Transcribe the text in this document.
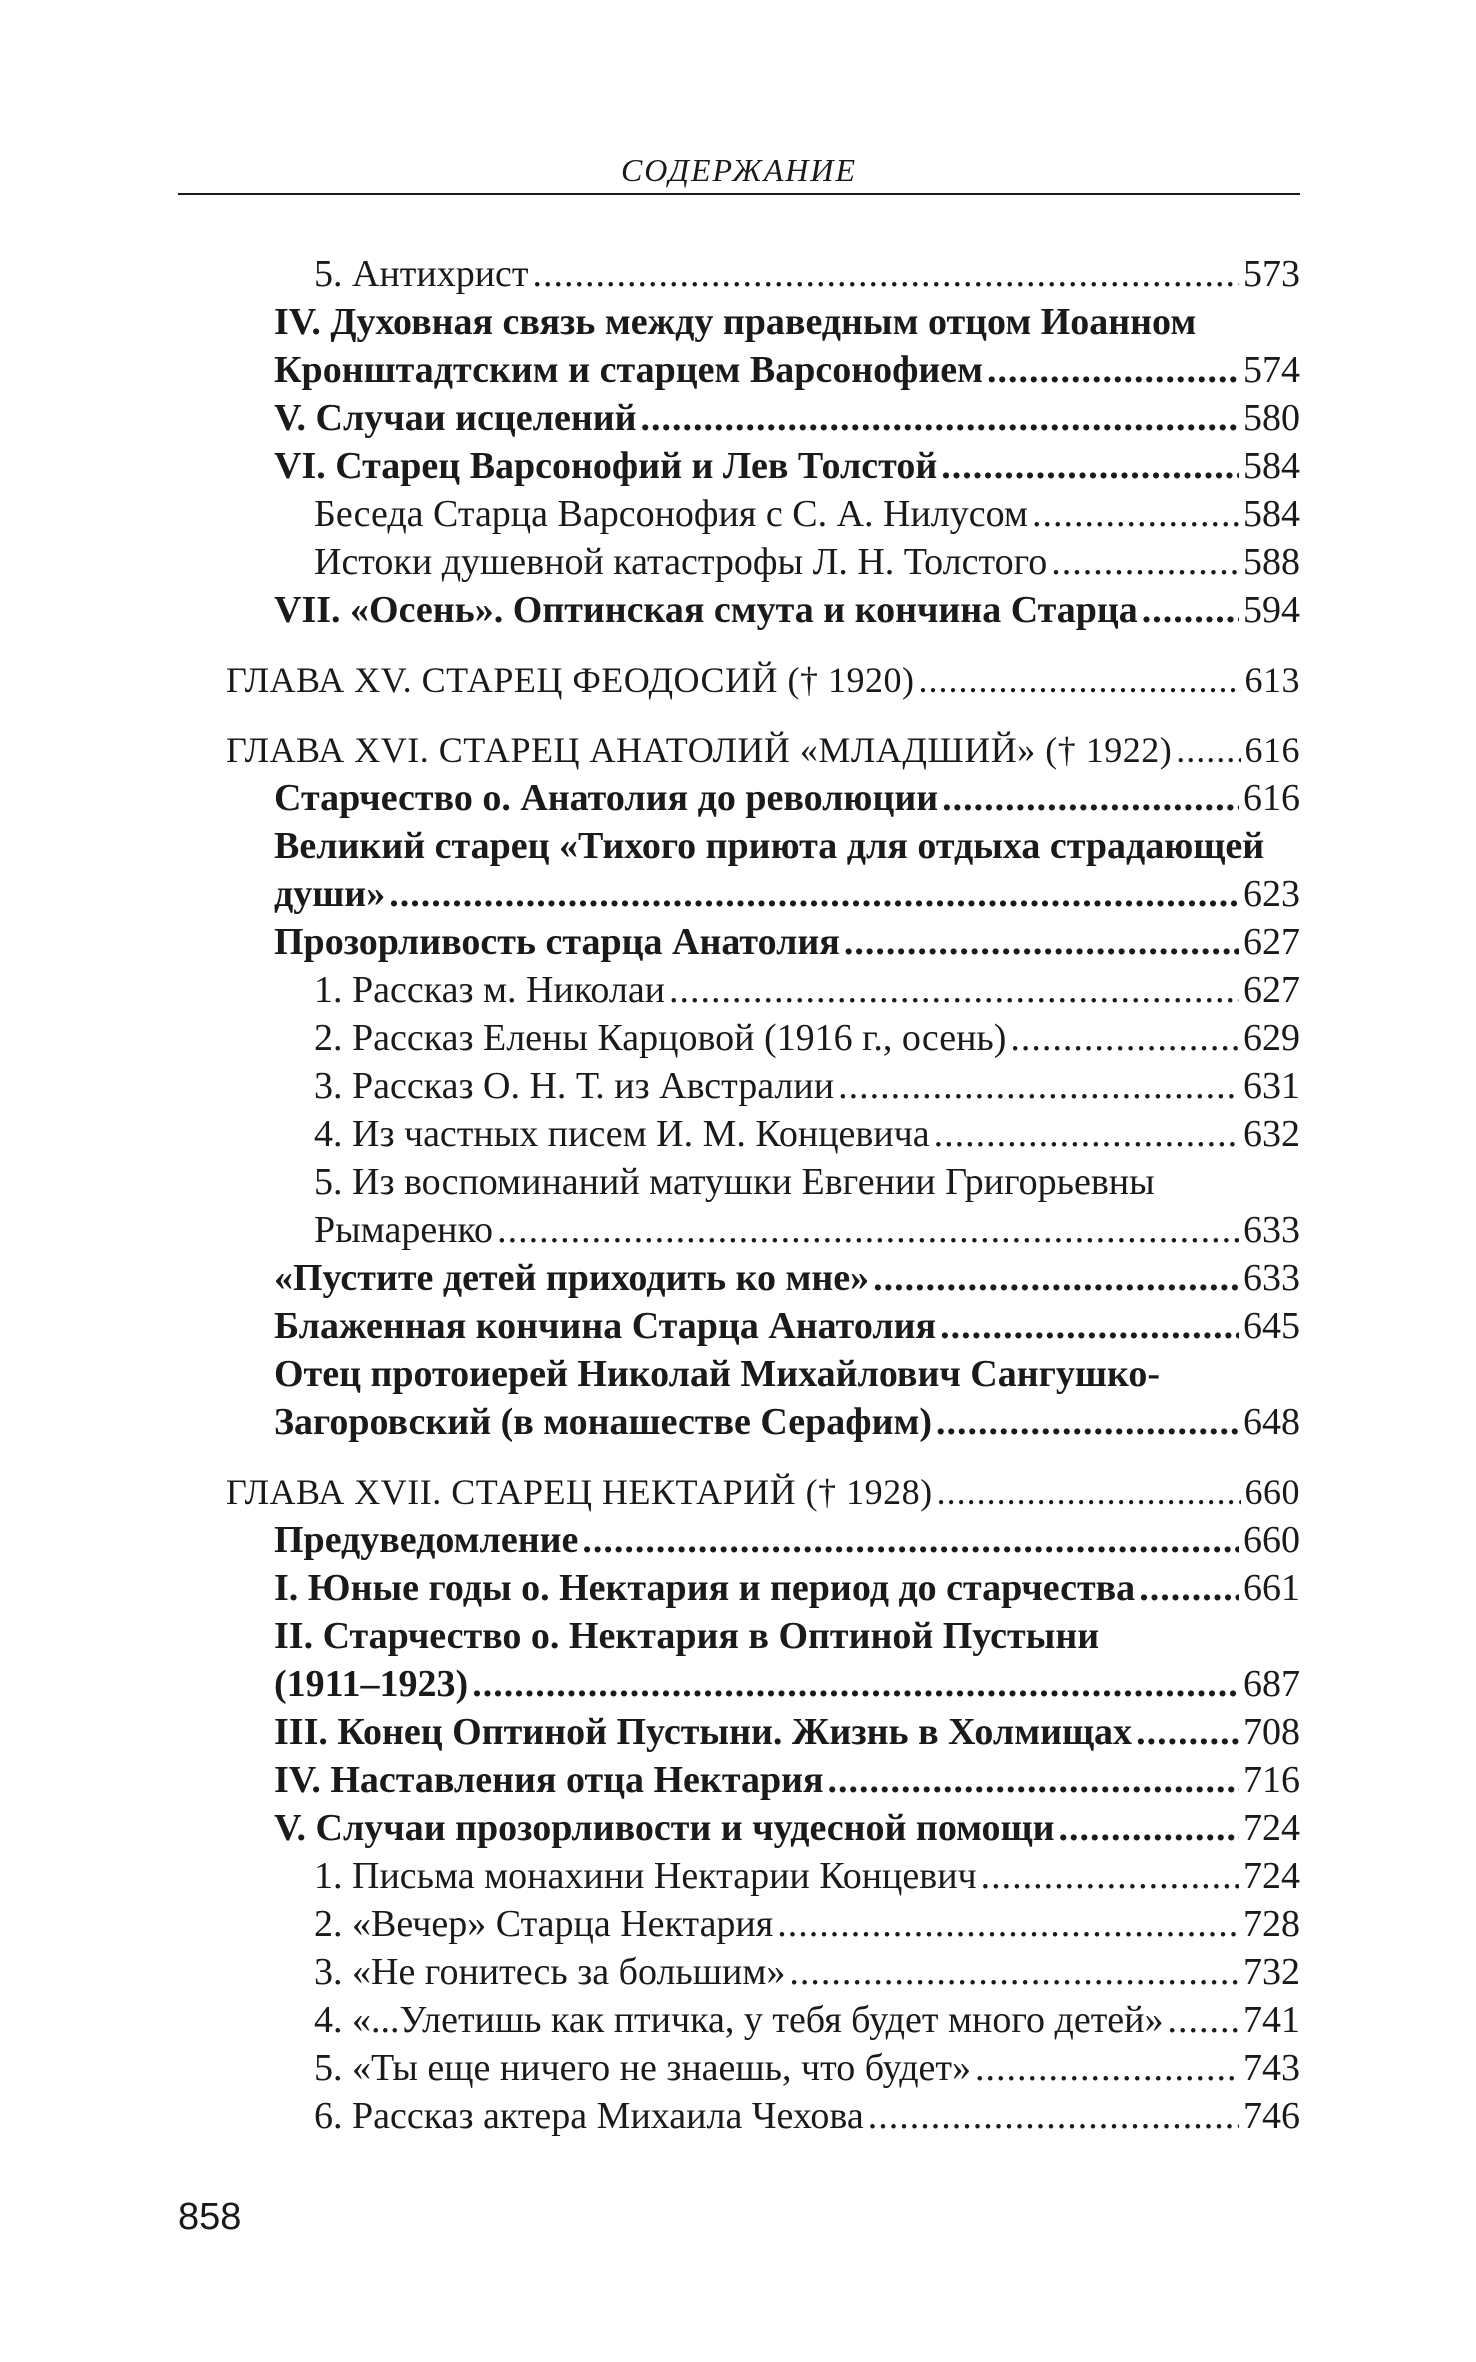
СОДЕРЖАНИЕ
5. Антихрист .....	573
IV. Духовная связь между праведным отцом Иоанном
Кронштадтским и старцем Варсонофием .....	574
V. Случаи исцелений .....	580
VI. Старец Варсонофий и Лев Толстой .....	584
Беседа Старца Варсонофия с С. А. Нилусом .....	584
Истоки душевной катастрофы Л. Н. Толстого .....	588
VII. «Осень». Оптинская смута и кончина Старца .....	594
ГЛАВА XV. СТАРЕЦ ФЕОДОСИЙ († 1920) .....	613
ГЛАВА XVI. СТАРЕЦ АНАТОЛИЙ «МЛАДШИЙ» († 1922) ..... 616
Старчество о. Анатолия до революции .....	616
Великий старец «Тихого приюта для отдыха страдающей
души» .....	623
Прозорливость старца Анатолия .....	627
1. Рассказ м. Николаи .....	627
2. Рассказ Елены Карцовой (1916 г., осень) .....	629
3. Рассказ О. Н. Т. из Австралии .....	631
4. Из частных писем И. М. Концевича .....	632
5. Из воспоминаний матушки Евгении Григорьевны
Рымаренко .....	633
«Пустите детей приходить ко мне» .....	633
Блаженная кончина Старца Анатолия .....	645
Отец протоиерей Николай Михайлович Сангушко-
Загоровский (в монашестве Серафим) .....	648
ГЛАВА XVII. СТАРЕЦ НЕКТАРИЙ († 1928) .....	660
Предуведомление .....	660
I. Юные годы о. Нектария и период до старчества .....	661
II. Старчество о. Нектария в Оптиной Пустыни
(1911–1923) .....	687
III. Конец Оптиной Пустыни. Жизнь в Холмищах .....	708
IV. Наставления отца Нектария .....	716
V. Случаи прозорливости и чудесной помощи .....	724
1. Письма монахини Нектарии Концевич .....	724
2. «Вечер» Старца Нектария .....	728
3. «Не гонитесь за большим» .....	732
4. «...Улетишь как птичка, у тебя будет много детей» ..... 741
5. «Ты еще ничего не знаешь, что будет» .....	743
6. Рассказ актера Михаила Чехова .....	746
858
